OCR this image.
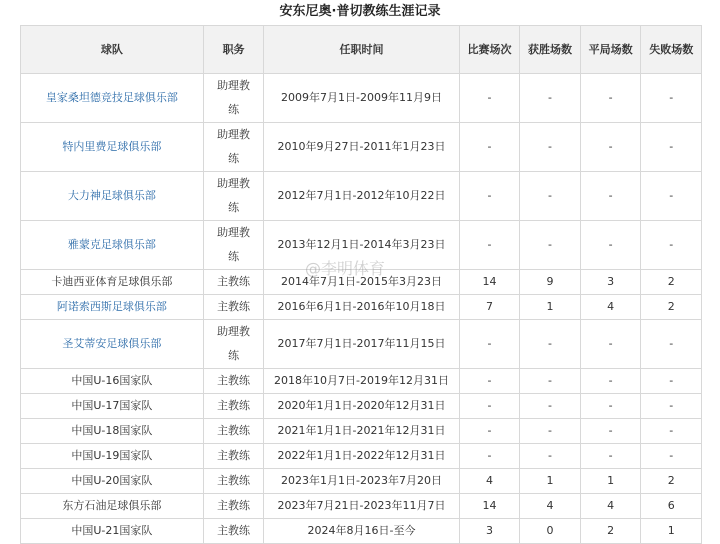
安东尼奥·普切教练生涯记录
球队	职务	任职时间	比赛场次	获胜场数	平局场数	失败场数
皇家桑坦德竞技足球俱乐部	助理教练	2009年7月1日-2009年11月9日	-	-	-	-
特内里费足球俱乐部	助理教练	2010年9月27日-2011年1月23日	-	-	-	-
大力神足球俱乐部	助理教练	2012年7月1日-2012年10月22日	-	-	-	-
雅蒙克足球俱乐部	助理教练	2013年12月1日-2014年3月23日	-	-	-	-
卡迪西亚体育足球俱乐部	主教练	2014年7月1日-2015年3月23日	14	9	3	2
阿诺索西斯足球俱乐部	主教练	2016年6月1日-2016年10月18日	7	1	4	2
圣艾蒂安足球俱乐部	助理教练	2017年7月1日-2017年11月15日	-	-	-	-
中国U-16国家队	主教练	2018年10月7日-2019年12月31日	-	-	-	-
中国U-17国家队	主教练	2020年1月1日-2020年12月31日	-	-	-	-
中国U-18国家队	主教练	2021年1月1日-2021年12月31日	-	-	-	-
中国U-19国家队	主教练	2022年1月1日-2022年12月31日	-	-	-	-
中国U-20国家队	主教练	2023年1月1日-2023年7月20日	4	1	1	2
东方石油足球俱乐部	主教练	2023年7月21日-2023年11月7日	14	4	4	6
中国U-21国家队	主教练	2024年8月16日-至今	3	0	2	1
@李明体育
